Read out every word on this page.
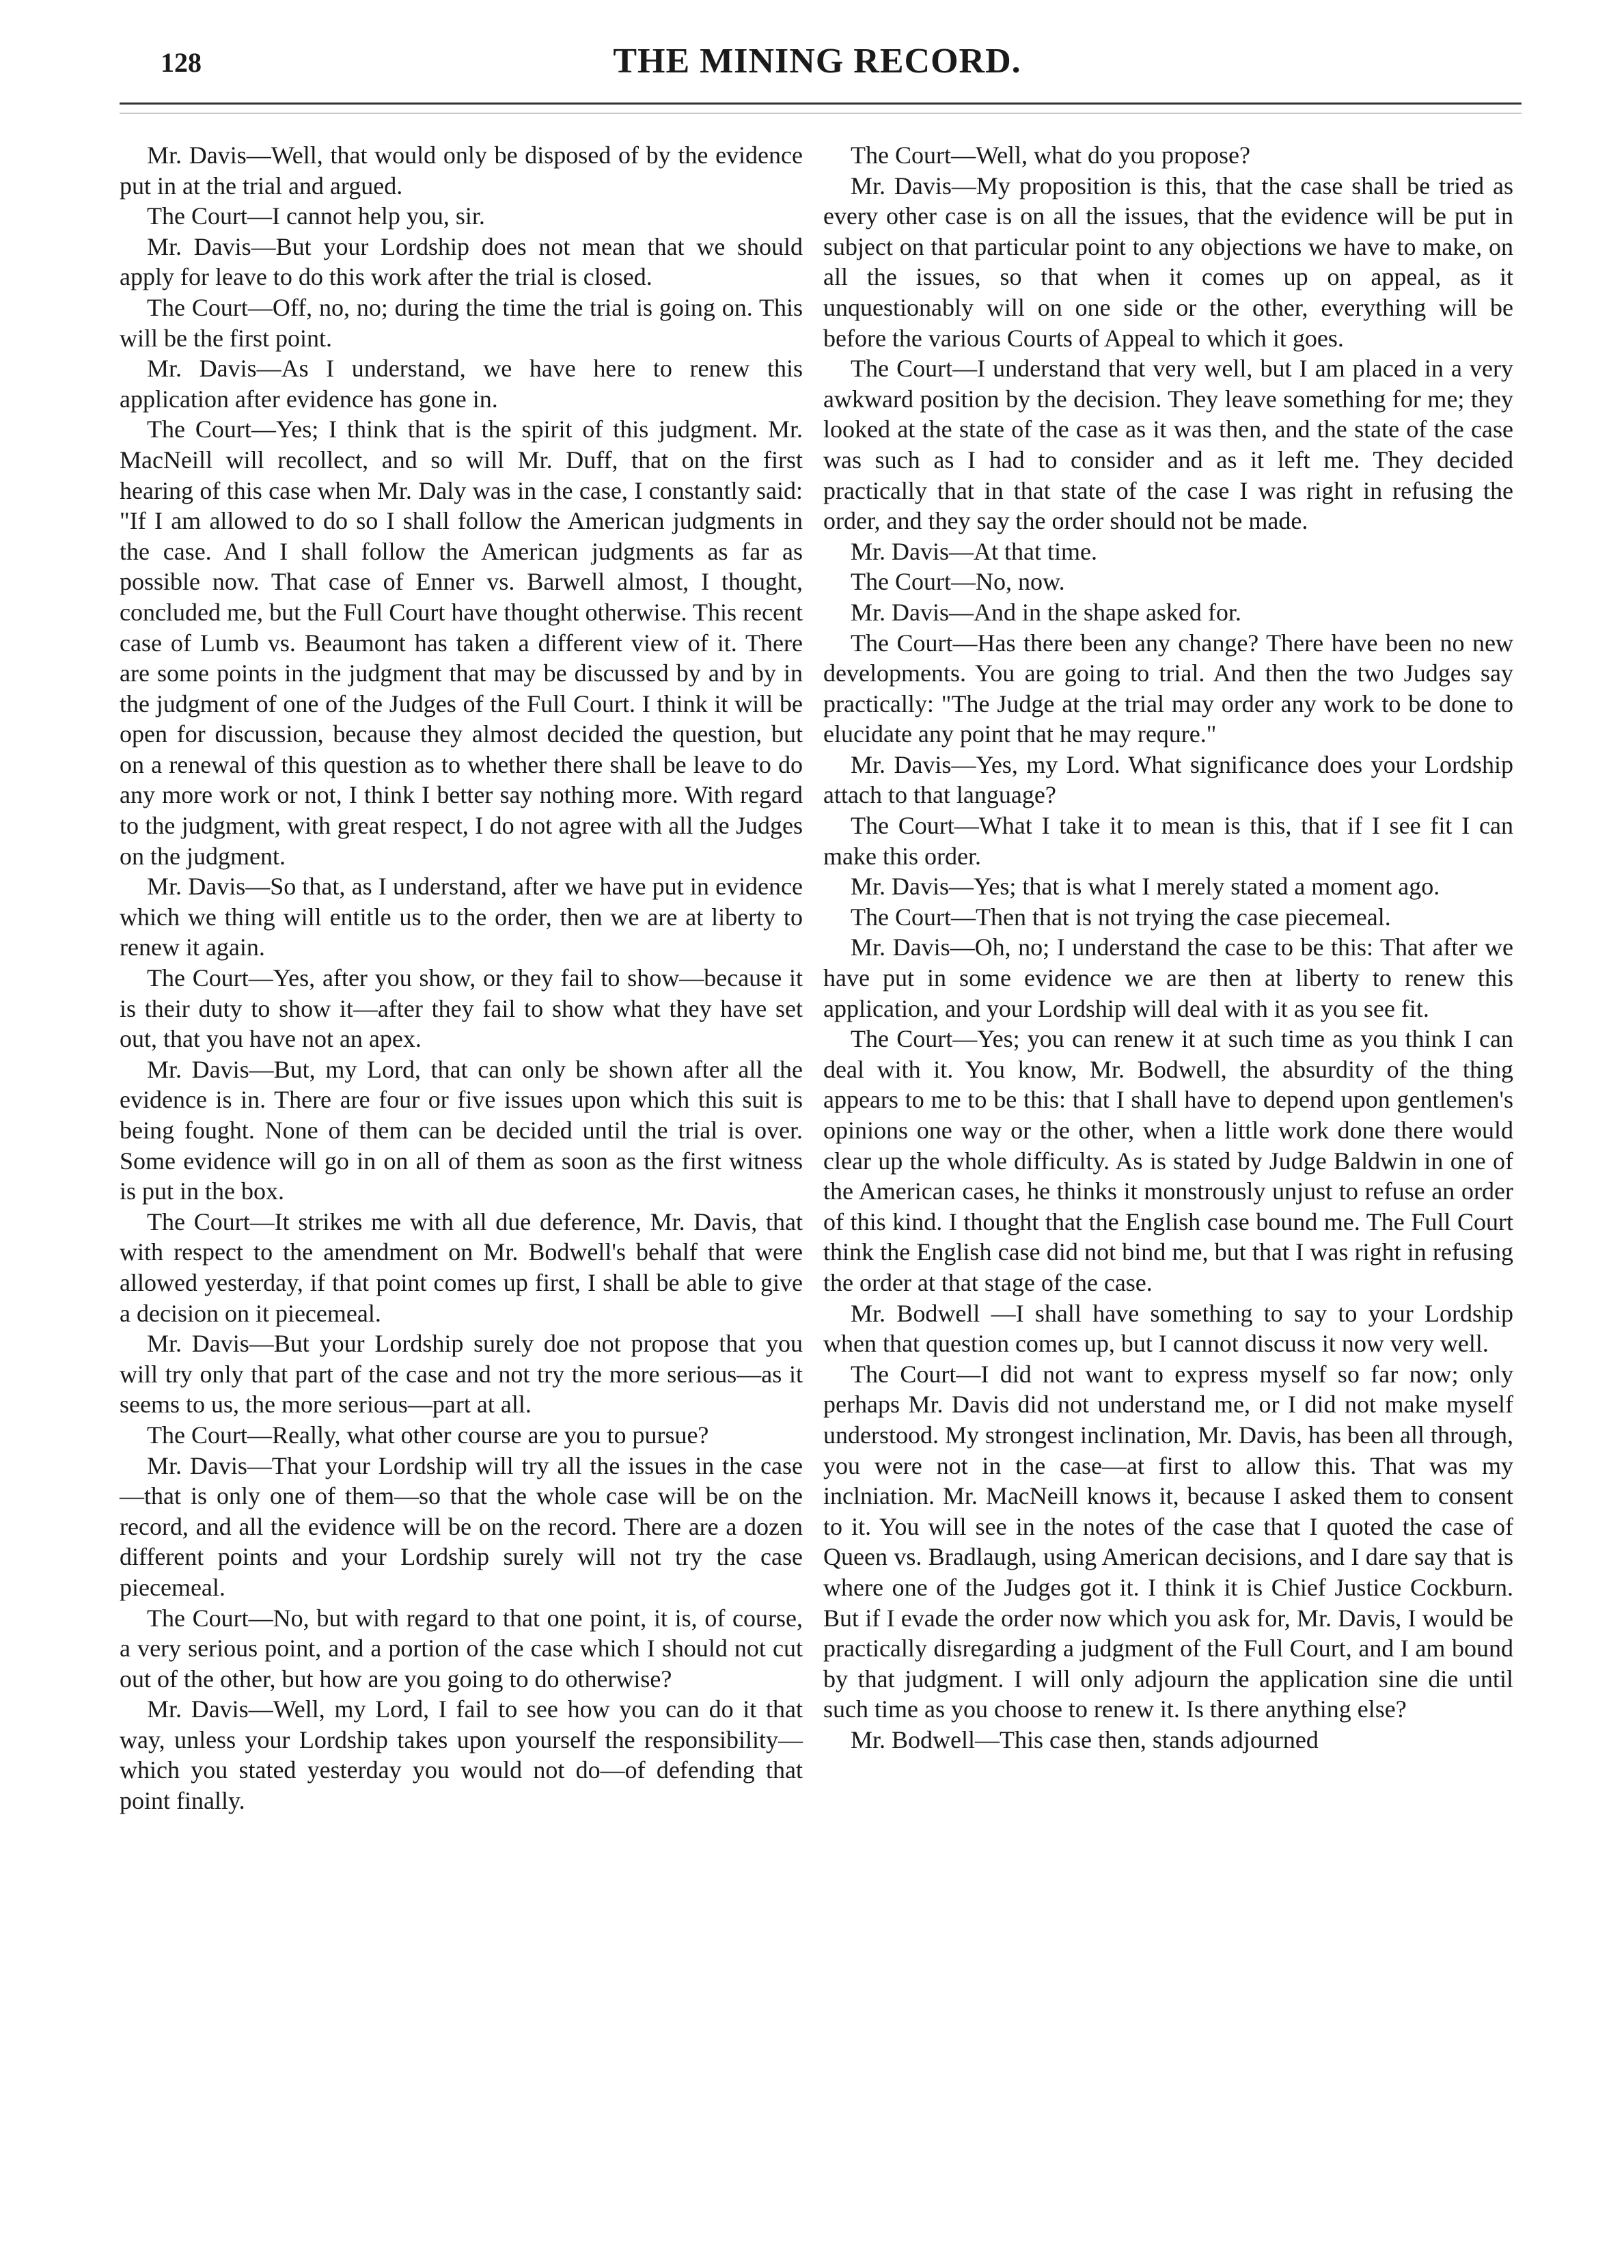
128	THE MINING RECORD.

Mr. Davis—Well, that would only be disposed of by the evidence put in at the trial and argued.

The Court—I cannot help you, sir.

Mr. Davis—But your Lordship does not mean that we should apply for leave to do this work after the trial is closed.

The Court—Off, no, no; during the time the trial is going on. This will be the first point.

Mr. Davis—As I understand, we have here to renew this application after evidence has gone in.

The Court—Yes; I think that is the spirit of this judgment. Mr. MacNeill will recollect, and so will Mr. Duff, that on the first hearing of this case when Mr. Daly was in the case, I constantly said: "If I am allowed to do so I shall follow the American judgments in the case. And I shall follow the American judgments as far as possible now. That case of Enner vs. Barwell almost, I thought, concluded me, but the Full Court have thought otherwise. This recent case of Lumb vs. Beaumont has taken a different view of it. There are some points in the judgment that may be discussed by and by in the judgment of one of the Judges of the Full Court. I think it will be open for discussion, because they almost decided the question, but on a renewal of this question as to whether there shall be leave to do any more work or not, I think I better say nothing more. With regard to the judgment, with great respect, I do not agree with all the Judges on the judgment.

Mr. Davis—So that, as I understand, after we have put in evidence which we thing will entitle us to the order, then we are at liberty to renew it again.

The Court—Yes, after you show, or they fail to show—because it is their duty to show it—after they fail to show what they have set out, that you have not an apex.

Mr. Davis—But, my Lord, that can only be shown after all the evidence is in. There are four or five issues upon which this suit is being fought. None of them can be decided until the trial is over. Some evidence will go in on all of them as soon as the first witness is put in the box.

The Court—It strikes me with all due deference, Mr. Davis, that with respect to the amendment on Mr. Bodwell's behalf that were allowed yesterday, if that point comes up first, I shall be able to give a decision on it piecemeal.

Mr. Davis—But your Lordship surely doe not propose that you will try only that part of the case and not try the more serious—as it seems to us, the more serious—part at all.

The Court—Really, what other course are you to pursue?

Mr. Davis—That your Lordship will try all the issues in the case—that is only one of them—so that the whole case will be on the record, and all the evidence will be on the record. There are a dozen different points and your Lordship surely will not try the case piecemeal.

The Court—No, but with regard to that one point, it is, of course, a very serious point, and a portion of the case which I should not cut out of the other, but how are you going to do otherwise?

Mr. Davis—Well, my Lord, I fail to see how you can do it that way, unless your Lordship takes upon yourself the responsibility—which you stated yesterday you would not do—of defending that point finally.

The Court—Well, what do you propose?

Mr. Davis—My proposition is this, that the case shall be tried as every other case is on all the issues, that the evidence will be put in subject on that particular point to any objections we have to make, on all the issues, so that when it comes up on appeal, as it unquestionably will on one side or the other, everything will be before the various Courts of Appeal to which it goes.

The Court—I understand that very well, but I am placed in a very awkward position by the decision. They leave something for me; they looked at the state of the case as it was then, and the state of the case was such as I had to consider and as it left me. They decided practically that in that state of the case I was right in refusing the order, and they say the order should not be made.

Mr. Davis—At that time.

The Court—No, now.

Mr. Davis—And in the shape asked for.

The Court—Has there been any change? There have been no new developments. You are going to trial. And then the two Judges say practically: "The Judge at the trial may order any work to be done to elucidate any point that he may requre."

Mr. Davis—Yes, my Lord. What significance does your Lordship attach to that language?

The Court—What I take it to mean is this, that if I see fit I can make this order.

Mr. Davis—Yes; that is what I merely stated a moment ago.

The Court—Then that is not trying the case piecemeal.

Mr. Davis—Oh, no; I understand the case to be this: That after we have put in some evidence we are then at liberty to renew this application, and your Lordship will deal with it as you see fit.

The Court—Yes; you can renew it at such time as you think I can deal with it. You know, Mr. Bodwell, the absurdity of the thing appears to me to be this: that I shall have to depend upon gentlemen's opinions one way or the other, when a little work done there would clear up the whole difficulty. As is stated by Judge Baldwin in one of the American cases, he thinks it monstrously unjust to refuse an order of this kind. I thought that the English case bound me. The Full Court think the English case did not bind me, but that I was right in refusing the order at that stage of the case.

Mr. Bodwell —I shall have something to say to your Lordship when that question comes up, but I cannot discuss it now very well.

The Court—I did not want to express myself so far now; only perhaps Mr. Davis did not understand me, or I did not make myself understood. My strongest inclination, Mr. Davis, has been all through, you were not in the case—at first to allow this. That was my inclniation. Mr. MacNeill knows it, because I asked them to consent to it. You will see in the notes of the case that I quoted the case of Queen vs. Bradlaugh, using American decisions, and I dare say that is where one of the Judges got it. I think it is Chief Justice Cockburn. But if I evade the order now which you ask for, Mr. Davis, I would be practically disregarding a judgment of the Full Court, and I am bound by that judgment. I will only adjourn the application sine die until such time as you choose to renew it. Is there anything else?

Mr. Bodwell—This case then, stands adjourned
